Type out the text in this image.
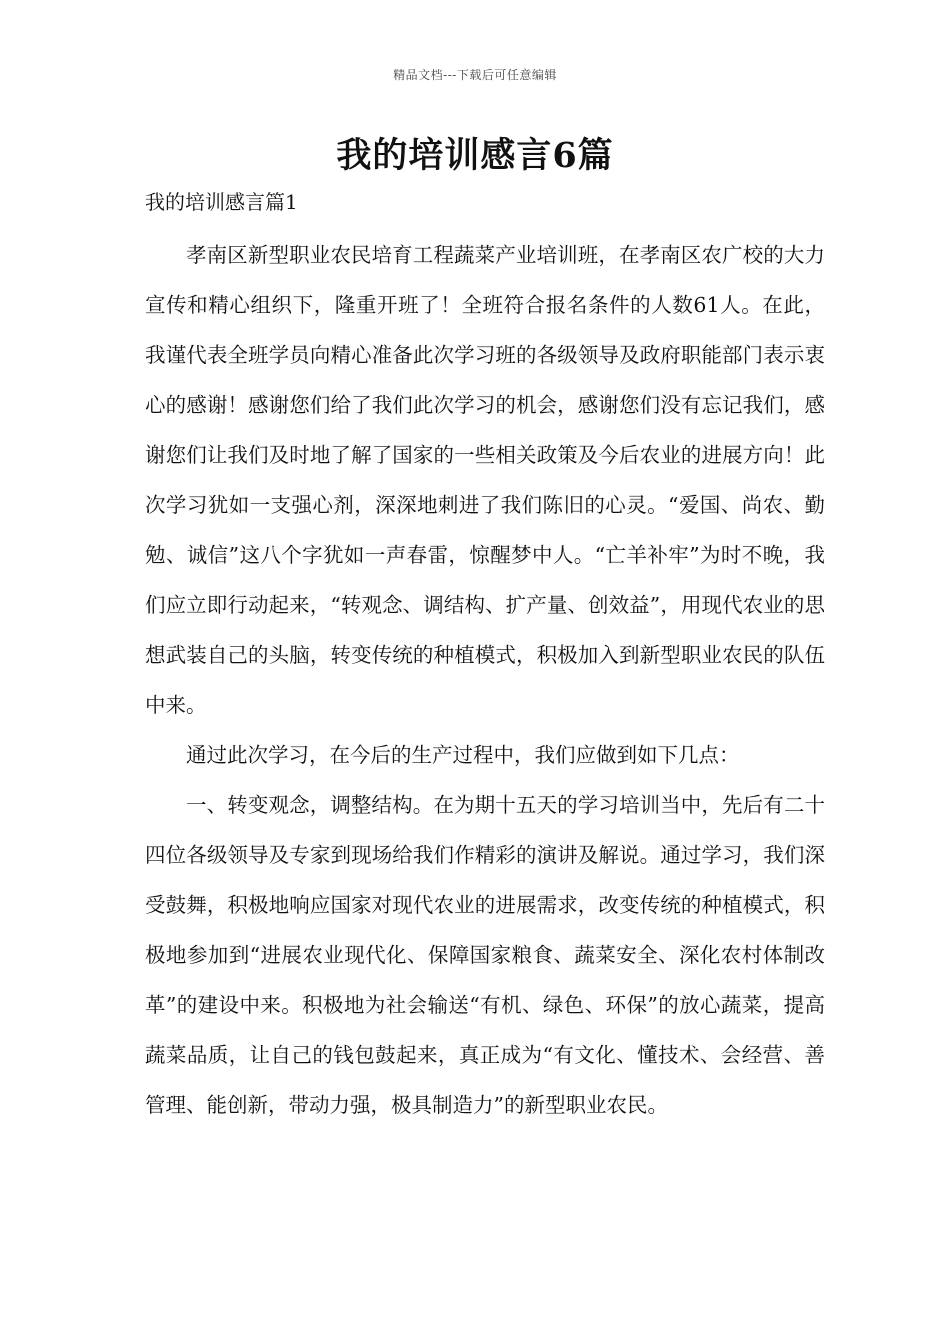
精品文档---下载后可任意编辑
我的培训感言6篇
我的培训感言篇1

孝南区新型职业农民培育工程蔬菜产业培训班，在孝南区农广校的大力宣传和精心组织下，隆重开班了！全班符合报名条件的人数61人。在此，我谨代表全班学员向精心准备此次学习班的各级领导及政府职能部门表示衷心的感谢！感谢您们给了我们此次学习的机会，感谢您们没有忘记我们，感谢您们让我们及时地了解了国家的一些相关政策及今后农业的进展方向！此次学习犹如一支强心剂，深深地刺进了我们陈旧的心灵。“爱国、尚农、勤勉、诚信”这八个字犹如一声春雷，惊醒梦中人。“亡羊补牢”为时不晚，我们应立即行动起来，“转观念、调结构、扩产量、创效益”，用现代农业的思想武装自己的头脑，转变传统的种植模式，积极加入到新型职业农民的队伍中来。

通过此次学习，在今后的生产过程中，我们应做到如下几点：

一、转变观念，调整结构。在为期十五天的学习培训当中，先后有二十四位各级领导及专家到现场给我们作精彩的演讲及解说。通过学习，我们深受鼓舞，积极地响应国家对现代农业的进展需求，改变传统的种植模式，积极地参加到“进展农业现代化、保障国家粮食、蔬菜安全、深化农村体制改革”的建设中来。积极地为社会输送“有机、绿色、环保”的放心蔬菜，提高蔬菜品质，让自己的钱包鼓起来，真正成为“有文化、懂技术、会经营、善管理、能创新，带动力强，极具制造力”的新型职业农民。
